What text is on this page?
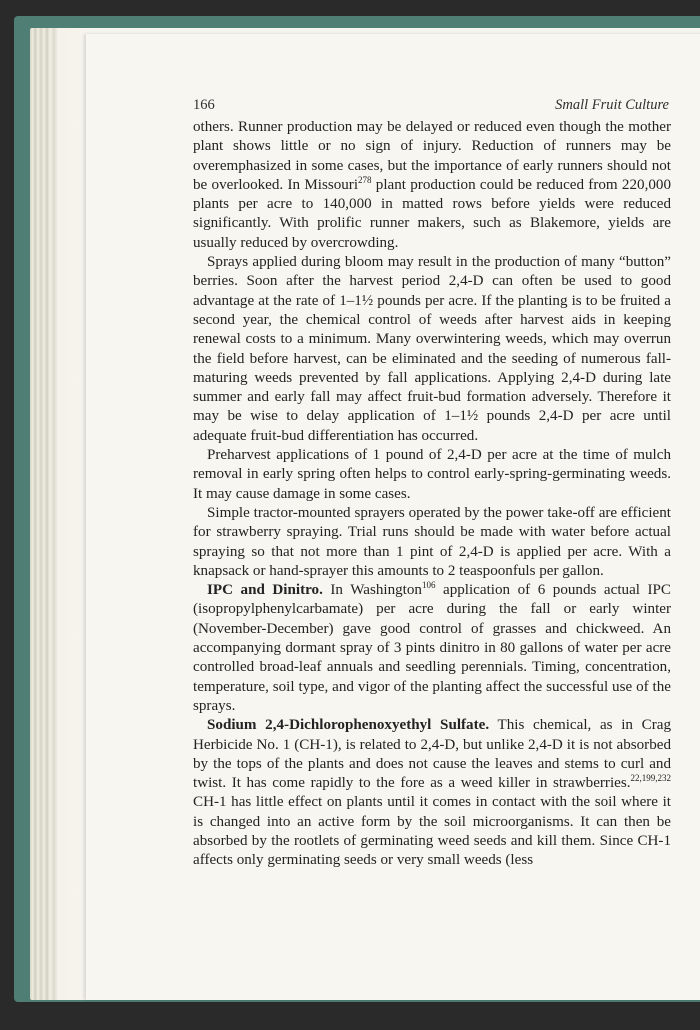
166	Small Fruit Culture

others. Runner production may be delayed or reduced even though the mother plant shows little or no sign of injury. Reduction of runners may be overemphasized in some cases, but the importance of early runners should not be overlooked. In Missouri$^{278}$ plant production could be reduced from 220,000 plants per acre to 140,000 in matted rows before yields were reduced significantly. With prolific runner makers, such as Blakemore, yields are usually reduced by overcrowding.

Sprays applied during bloom may result in the production of many “button” berries. Soon after the harvest period 2,4-D can often be used to good advantage at the rate of 1–1½ pounds per acre. If the planting is to be fruited a second year, the chemical control of weeds after harvest aids in keeping renewal costs to a minimum. Many overwintering weeds, which may overrun the field before harvest, can be eliminated and the seeding of numerous fall-maturing weeds prevented by fall applications. Applying 2,4-D during late summer and early fall may affect fruit-bud formation adversely. Therefore it may be wise to delay application of 1–1½ pounds 2,4-D per acre until adequate fruit-bud differentiation has occurred.

Preharvest applications of 1 pound of 2,4-D per acre at the time of mulch removal in early spring often helps to control early-spring-germinating weeds. It may cause damage in some cases.

Simple tractor-mounted sprayers operated by the power take-off are efficient for strawberry spraying. Trial runs should be made with water before actual spraying so that not more than 1 pint of 2,4-D is applied per acre. With a knapsack or hand-sprayer this amounts to 2 teaspoonfuls per gallon.

IPC and Dinitro. In Washington$^{106}$ application of 6 pounds actual IPC (isopropylphenylcarbamate) per acre during the fall or early winter (November-December) gave good control of grasses and chickweed. An accompanying dormant spray of 3 pints dinitro in 80 gallons of water per acre controlled broad-leaf annuals and seedling perennials. Timing, concentration, temperature, soil type, and vigor of the planting affect the successful use of the sprays.

Sodium 2,4-Dichlorophenoxyethyl Sulfate. This chemical, as in Crag Herbicide No. 1 (CH-1), is related to 2,4-D, but unlike 2,4-D it is not absorbed by the tops of the plants and does not cause the leaves and stems to curl and twist. It has come rapidly to the fore as a weed killer in strawberries.$^{22,199,232}$ CH-1 has little effect on plants until it comes in contact with the soil where it is changed into an active form by the soil microorganisms. It can then be absorbed by the rootlets of germinating weed seeds and kill them. Since CH-1 affects only germinating seeds or very small weeds (less
